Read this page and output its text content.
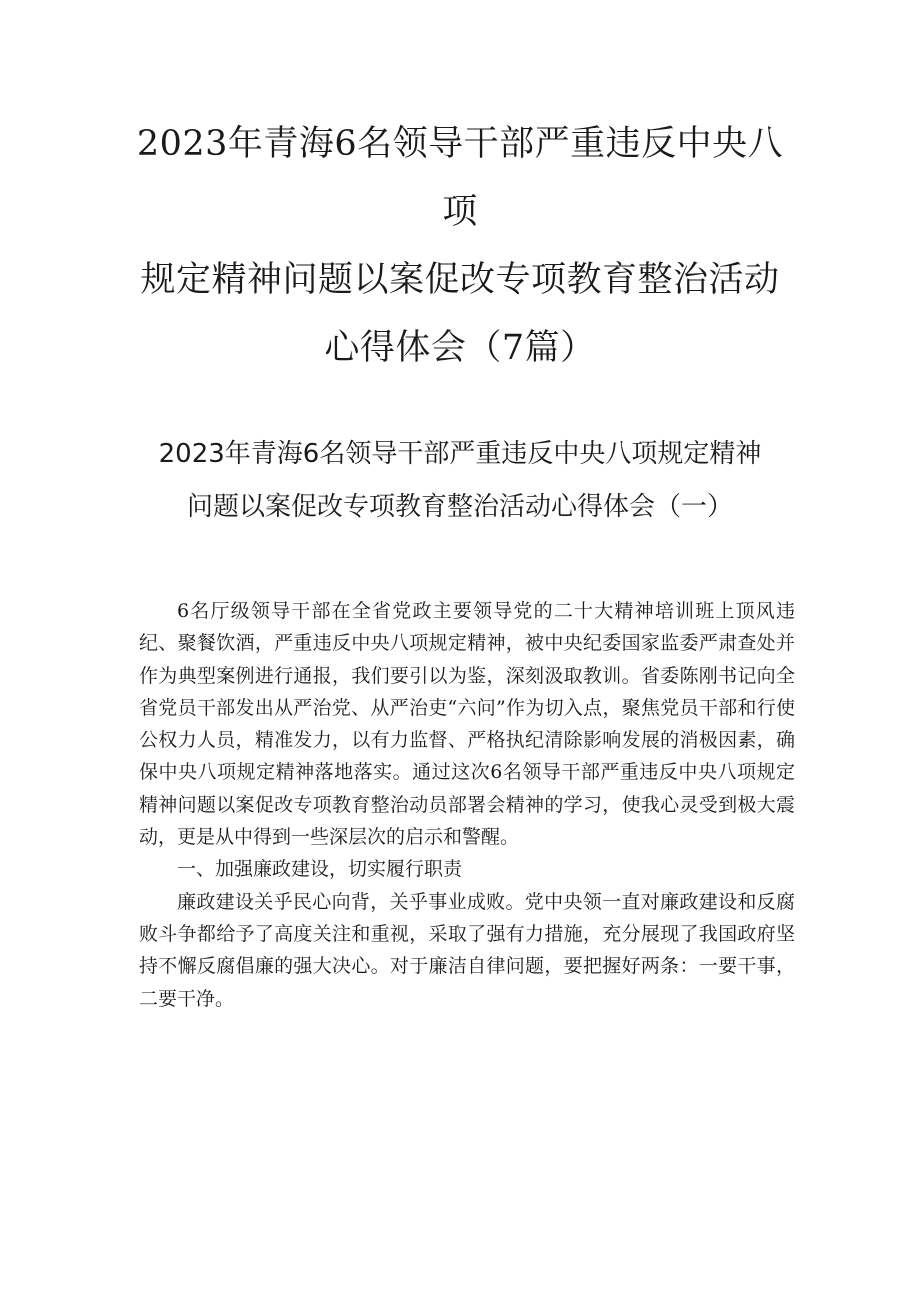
2023年青海6名领导干部严重违反中央八
项
规定精神问题以案促改专项教育整治活动
心得体会（7篇）
2023年青海6名领导干部严重违反中央八项规定精神
问题以案促改专项教育整治活动心得体会（一）

6名厅级领导干部在全省党政主要领导党的二十大精神培训班上顶风违纪、聚餐饮酒，严重违反中央八项规定精神，被中央纪委国家监委严肃查处并作为典型案例进行通报，我们要引以为鉴，深刻汲取教训。省委陈刚书记向全省党员干部发出从严治党、从严治吏“六问”作为切入点，聚焦党员干部和行使公权力人员，精准发力，以有力监督、严格执纪清除影响发展的消极因素，确保中央八项规定精神落地落实。通过这次6名领导干部严重违反中央八项规定精神问题以案促改专项教育整治动员部署会精神的学习，使我心灵受到极大震动，更是从中得到一些深层次的启示和警醒。

一、加强廉政建设，切实履行职责

廉政建设关乎民心向背，关乎事业成败。党中央领一直对廉政建设和反腐败斗争都给予了高度关注和重视，采取了强有力措施，充分展现了我国政府坚持不懈反腐倡廉的强大决心。对于廉洁自律问题，要把握好两条：一要干事，二要干净。
